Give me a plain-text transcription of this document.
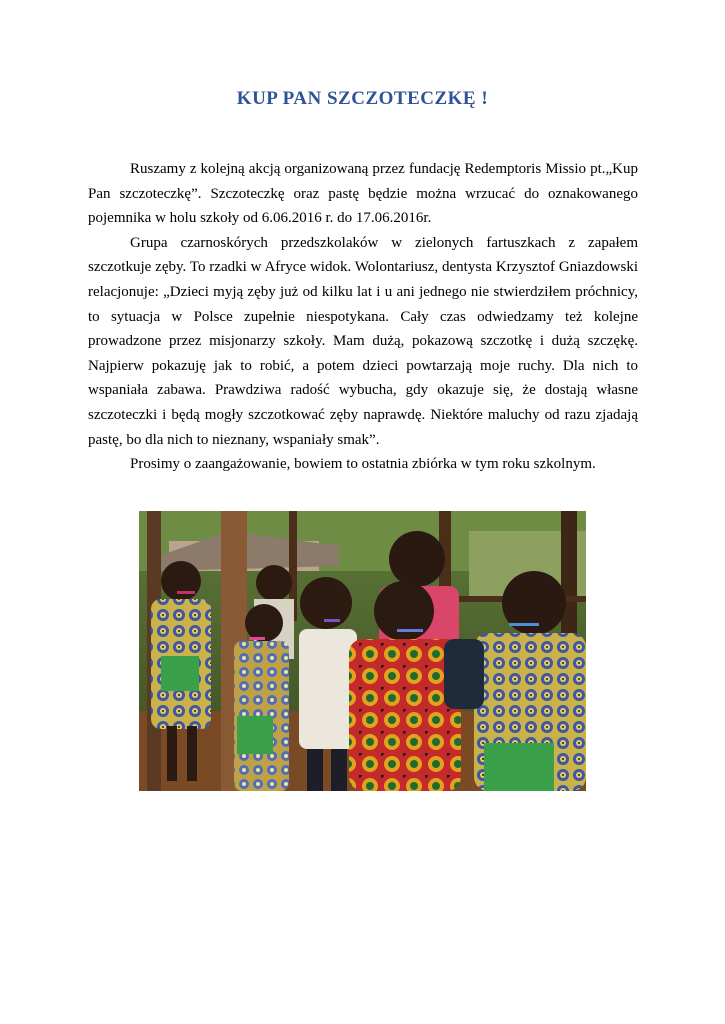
KUP PAN SZCZOTECZKĘ !

Ruszamy z kolejną akcją organizowaną przez fundację Redemptoris Missio pt.„Kup Pan szczoteczkę”. Szczoteczkę oraz pastę będzie można wrzucać do oznakowanego pojemnika w holu szkoły od 6.06.2016 r. do 17.06.2016r.

Grupa czarnoskórych przedszkolaków w zielonych fartuszkach z zapałem szczotkuje zęby. To rzadki w Afryce widok. Wolontariusz, dentysta Krzysztof Gniazdowski relacjonuje: „Dzieci myją zęby już od kilku lat i u ani jednego nie stwierdziłem próchnicy, to sytuacja w Polsce zupełnie niespotykana. Cały czas odwiedzamy też kolejne prowadzone przez misjonarzy szkoły. Mam dużą, pokazową szczotkę i dużą szczękę. Najpierw pokazuję jak to robić, a potem dzieci powtarzają moje ruchy. Dla nich to wspaniała zabawa. Prawdziwa radość wybucha, gdy okazuje się, że dostają własne szczoteczki i będą mogły szczotkować zęby naprawdę. Niektóre maluchy od razu zjadają pastę, bo dla nich to nieznany, wspaniały smak”.

Prosimy o zaangażowanie, bowiem to ostatnia zbiórka w tym roku szkolnym.
